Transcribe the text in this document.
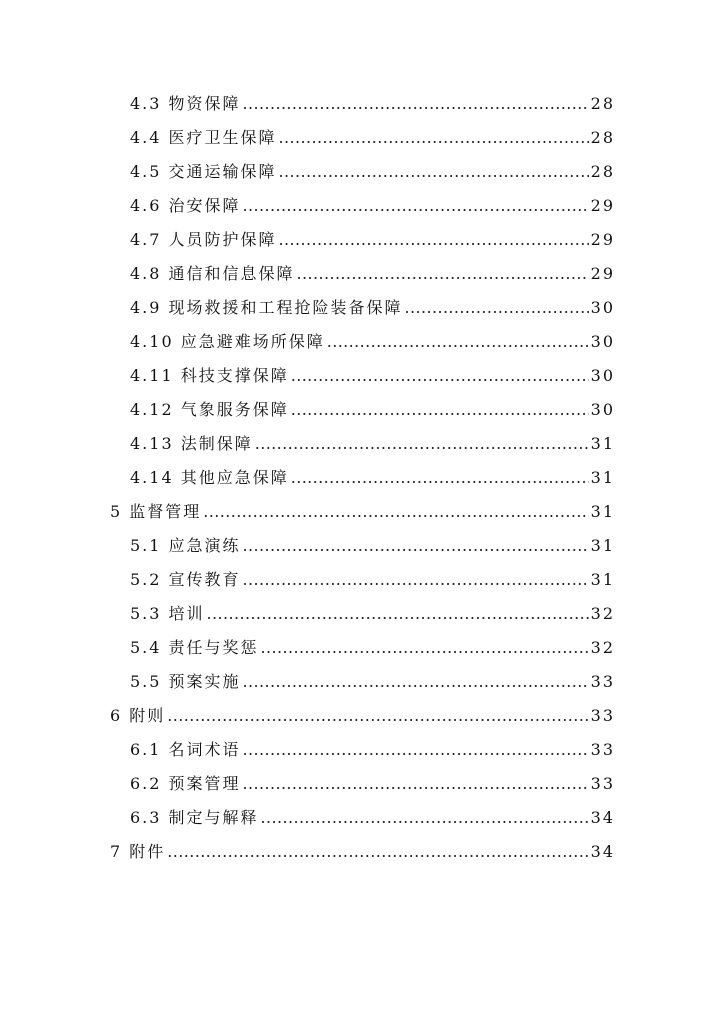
4.3 物资保障 .....	28
4.4 医疗卫生保障 .....	28
4.5 交通运输保障 .....	28
4.6 治安保障 .....	29
4.7 人员防护保障 .....	29
4.8 通信和信息保障 .....	29
4.9 现场救援和工程抢险装备保障 .....	30
4.10 应急避难场所保障 .....	30
4.11 科技支撑保障 .....	30
4.12 气象服务保障 .....	30
4.13 法制保障 .....	31
4.14 其他应急保障 .....	31
5 监督管理 .....	31
5.1 应急演练 .....	31
5.2 宣传教育 .....	31
5.3 培训 .....	32
5.4 责任与奖惩 .....	32
5.5 预案实施 .....	33
6 附则 .....	33
6.1 名词术语 .....	33
6.2 预案管理 .....	33
6.3 制定与解释 .....	34
7 附件 .....	34
